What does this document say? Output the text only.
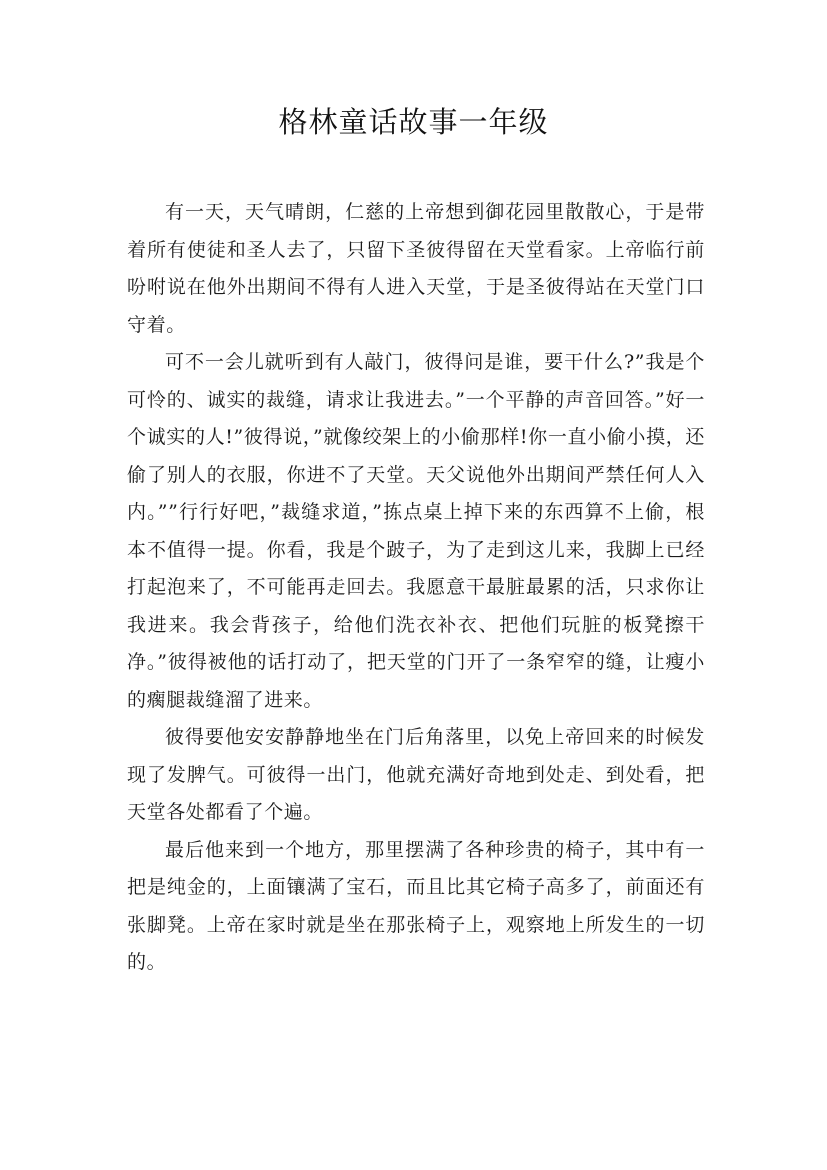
格林童话故事一年级

有一天，天气晴朗，仁慈的上帝想到御花园里散散心，于是带着所有使徒和圣人去了，只留下圣彼得留在天堂看家。上帝临行前吩咐说在他外出期间不得有人进入天堂，于是圣彼得站在天堂门口守着。

可不一会儿就听到有人敲门，彼得问是谁，要干什么?”我是个可怜的、诚实的裁缝，请求让我进去。”一个平静的声音回答。”好一个诚实的人!”彼得说，”就像绞架上的小偷那样!你一直小偷小摸，还偷了别人的衣服，你进不了天堂。天父说他外出期间严禁任何人入内。””行行好吧，”裁缝求道，”拣点桌上掉下来的东西算不上偷，根本不值得一提。你看，我是个跛子，为了走到这儿来，我脚上已经打起泡来了，不可能再走回去。我愿意干最脏最累的活，只求你让我进来。我会背孩子，给他们洗衣补衣、把他们玩脏的板凳擦干净。”彼得被他的话打动了，把天堂的门开了一条窄窄的缝，让瘦小的瘸腿裁缝溜了进来。

彼得要他安安静静地坐在门后角落里，以免上帝回来的时候发现了发脾气。可彼得一出门，他就充满好奇地到处走、到处看，把天堂各处都看了个遍。

最后他来到一个地方，那里摆满了各种珍贵的椅子，其中有一把是纯金的，上面镶满了宝石，而且比其它椅子高多了，前面还有张脚凳。上帝在家时就是坐在那张椅子上，观察地上所发生的一切的。
